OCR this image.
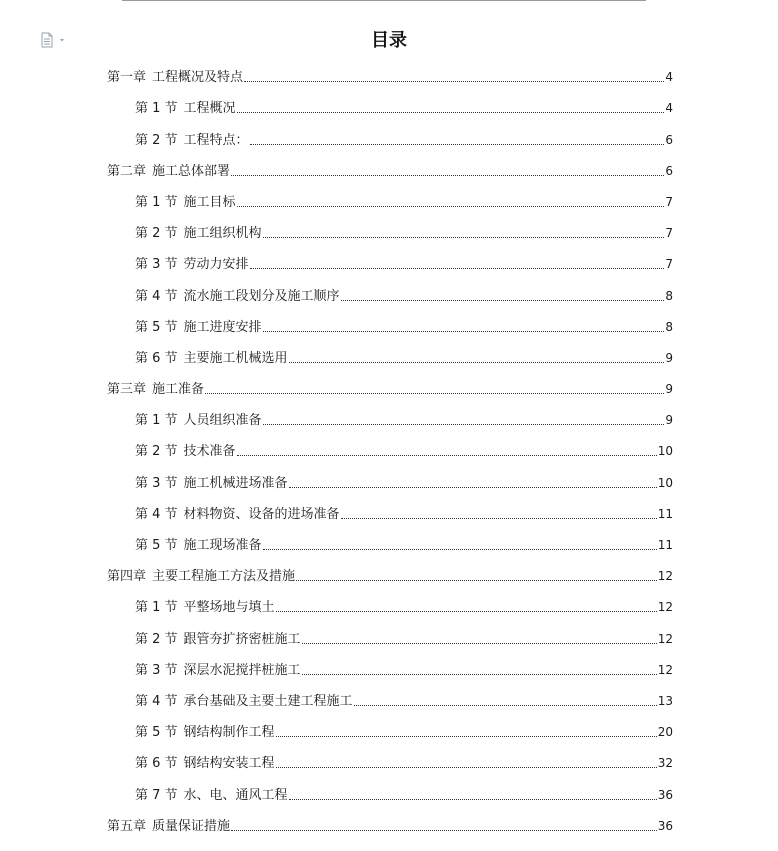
目录
第一章 工程概况及特点	4
第 1 节 工程概况	4
第 2 节 工程特点：	6
第二章 施工总体部署	6
第 1 节 施工目标	7
第 2 节 施工组织机构	7
第 3 节 劳动力安排	7
第 4 节 流水施工段划分及施工顺序	8
第 5 节 施工进度安排	8
第 6 节 主要施工机械选用	9
第三章 施工准备	9
第 1 节 人员组织准备	9
第 2 节 技术准备	10
第 3 节 施工机械进场准备	10
第 4 节 材料物资、设备的进场准备	11
第 5 节 施工现场准备	11
第四章 主要工程施工方法及措施	12
第 1 节 平整场地与填土	12
第 2 节 跟管夯扩挤密桩施工	12
第 3 节 深层水泥搅拌桩施工	12
第 4 节 承台基础及主要土建工程施工	13
第 5 节 钢结构制作工程	20
第 6 节 钢结构安装工程	32
第 7 节 水、电、通风工程	36
第五章 质量保证措施	36
